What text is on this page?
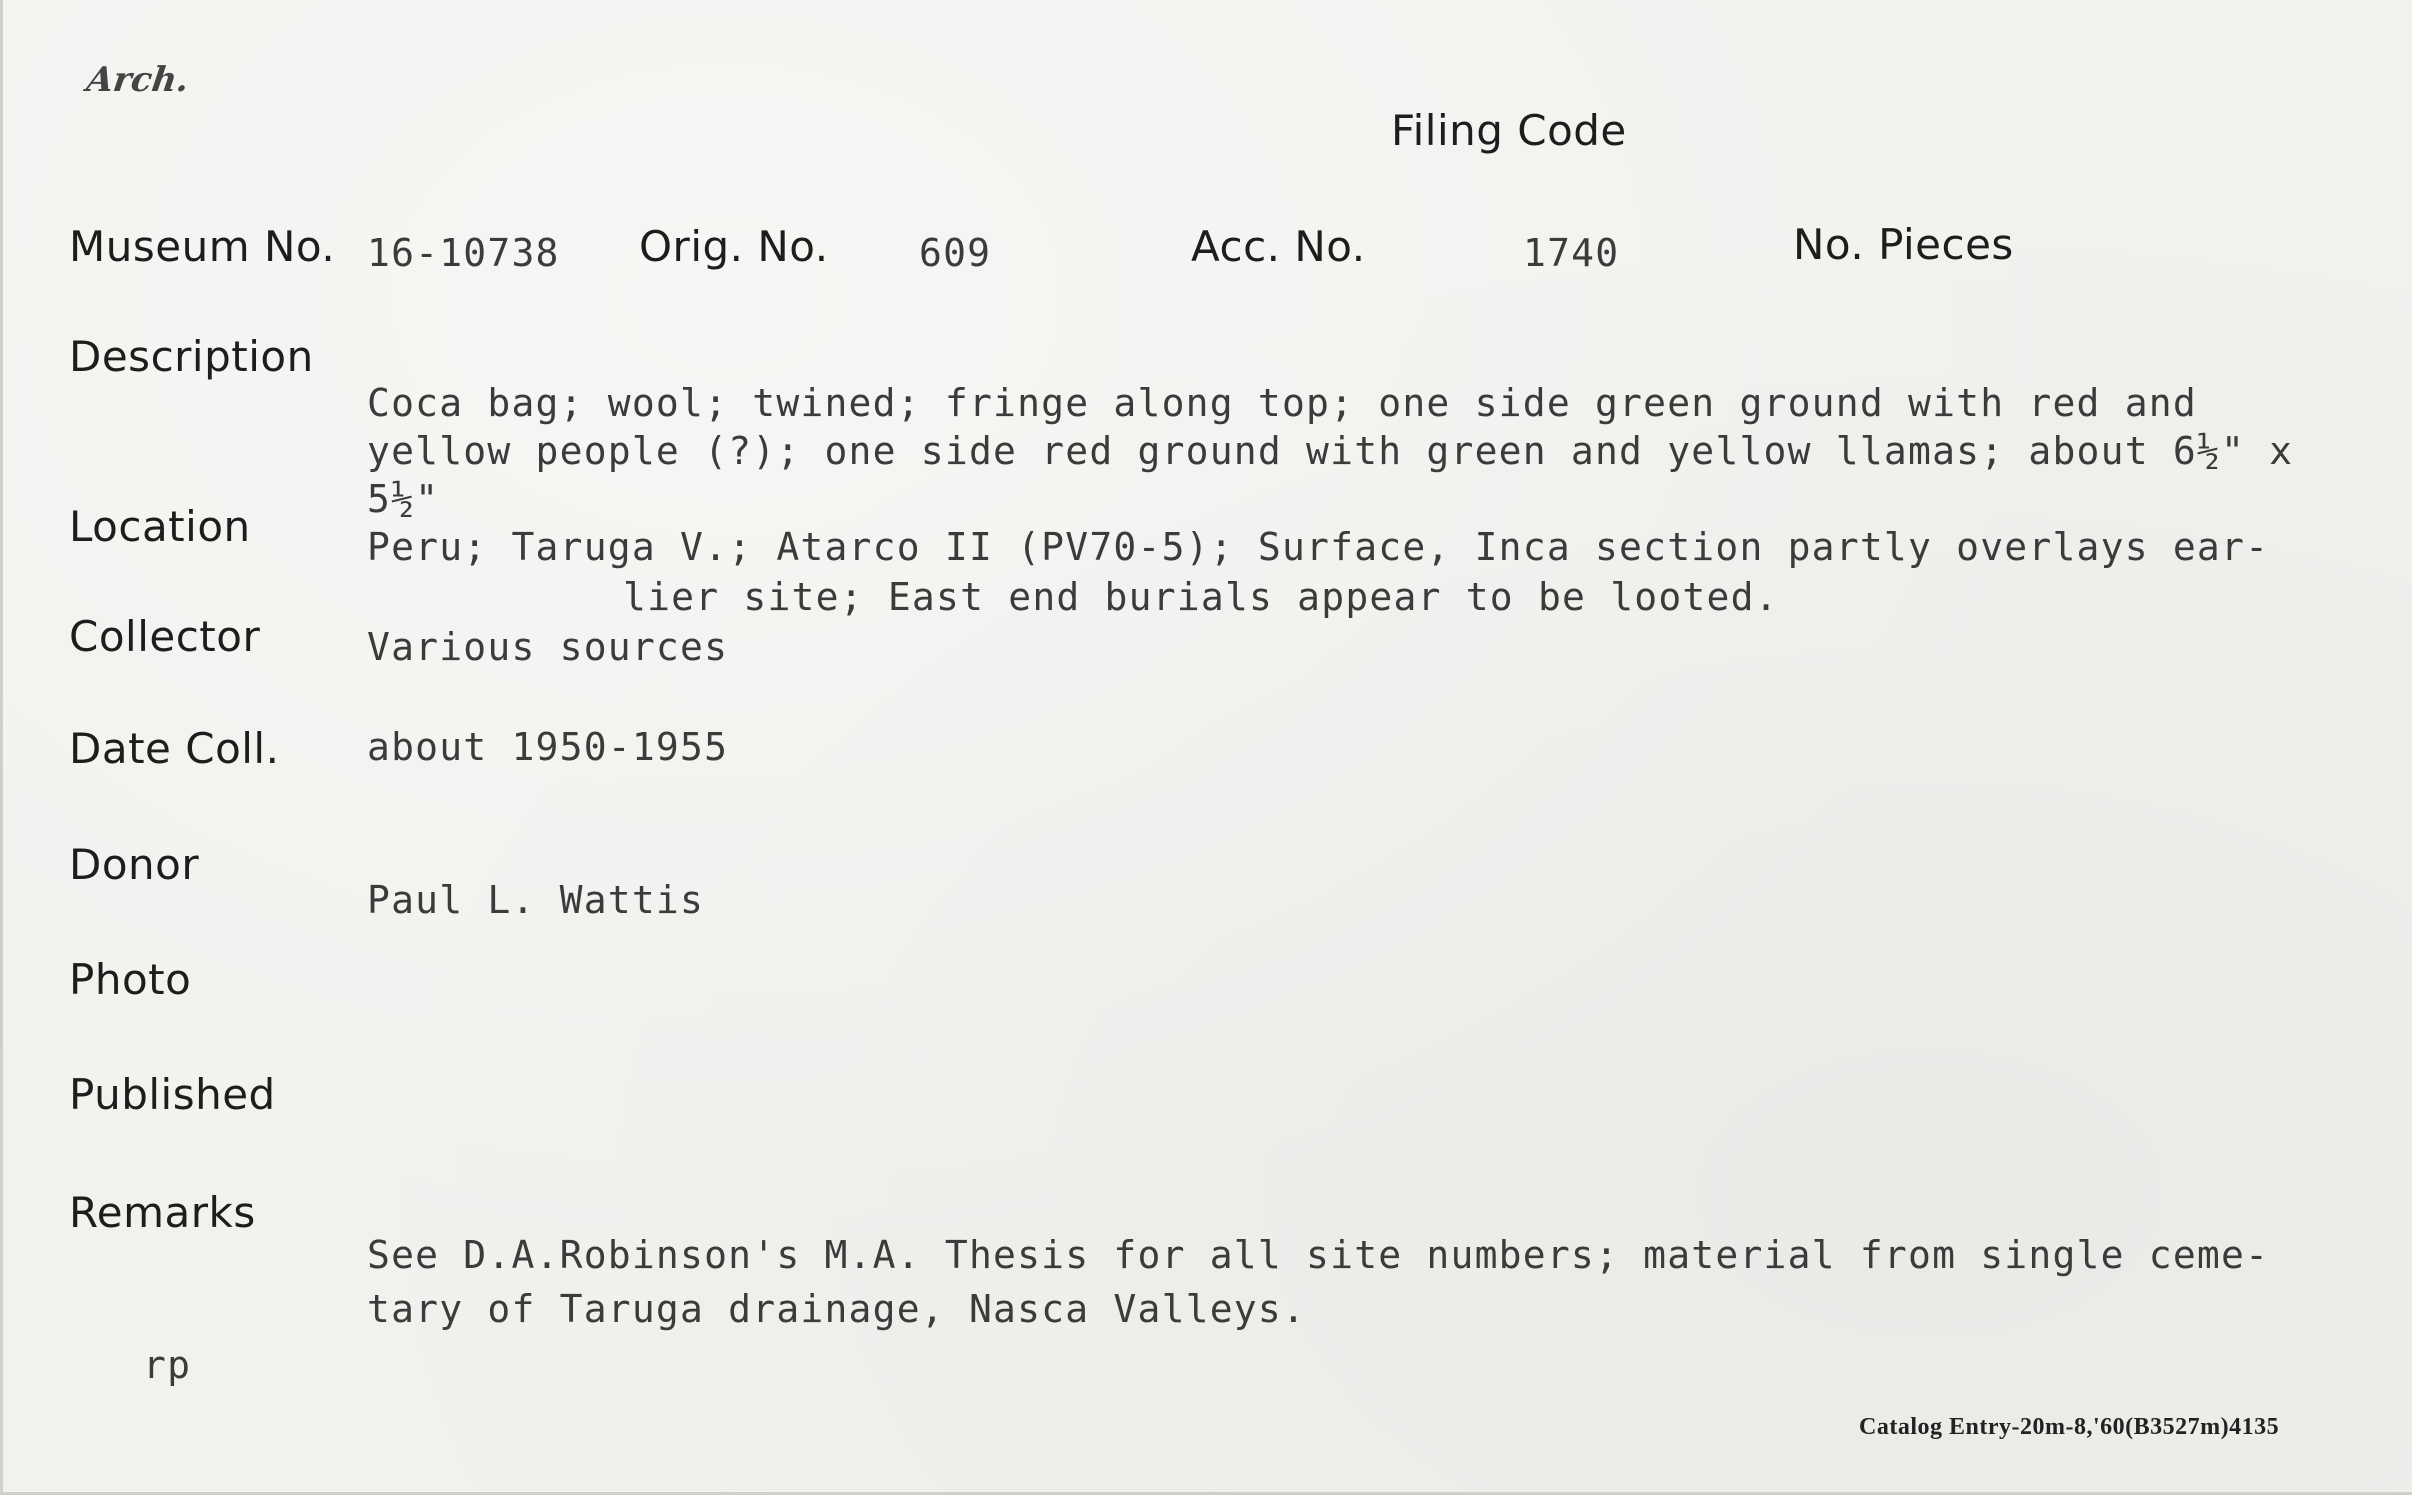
Arch.
Filing Code
Museum No. 16-10738 Orig. No. 609	Acc. No.	1740	No. Pieces
Description
Coca bag; wool; twined; fringe along top; one side green ground with red and
yellow people (?); one side red ground with green and yellow llamas; about 6½" x
5½"
Location	Peru; Taruga V.; Atarco II (PV70-5); Surface, Inca section partly overlays ear-
lier site; East end burials appear to be looted.
Collector	Various sources
Date Coll. about 1950-1955
Donor
Paul L. Wattis
Photo
Published
Remarks
See D.A.Robinson's M.A. Thesis for all site numbers; material from single ceme-
tary of Taruga drainage, Nasca Valleys.
rp
Catalog Entry-20m-8,'60(B3527m)4135
